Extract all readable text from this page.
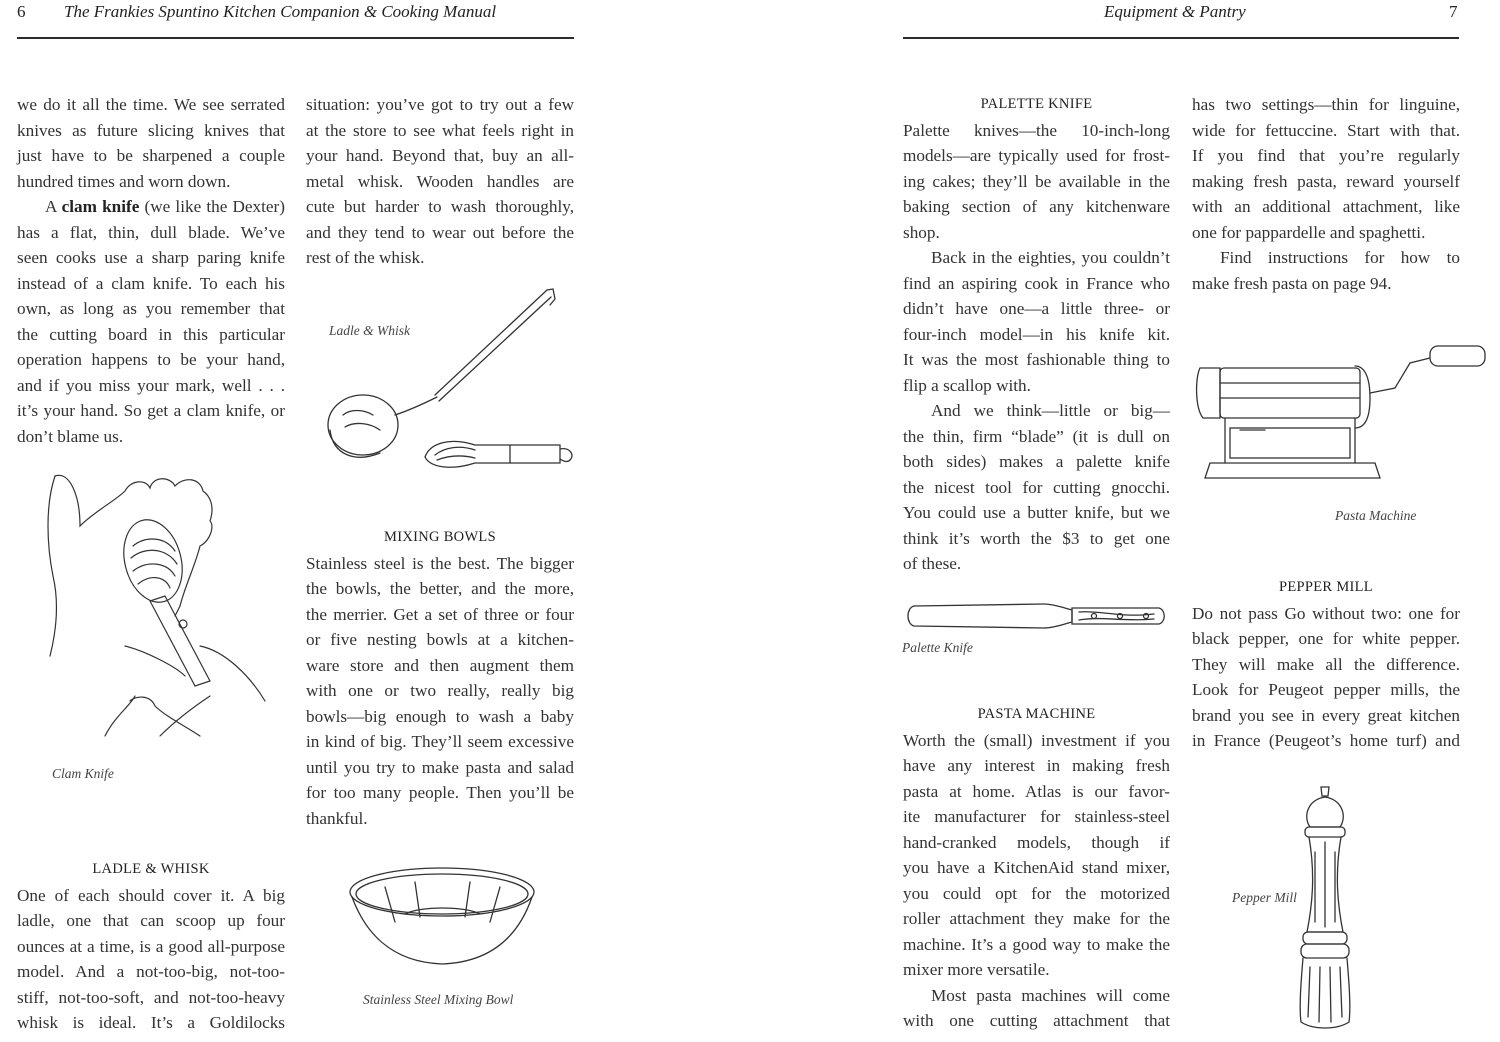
6 The Frankies Spuntino Kitchen Companion & Cooking Manual
we do it all the time. We see serrated
knives as future slicing knives that
just have to be sharpened a couple
hundred times and worn down.
A clam knife (we like the Dexter)
has a flat, thin, dull blade. We’ve
seen cooks use a sharp paring knife
instead of a clam knife. To each his
own, as long as you remember that
the cutting board in this particular
operation happens to be your hand,
and if you miss your mark, well . . .
it’s your hand. So get a clam knife, or
don’t blame us.
Clam Knife
LADLE & WHISK
One of each should cover it. A big
ladle, one that can scoop up four
ounces at a time, is a good all-purpose
model. And a not-too-big, not-too-
stiff, not-too-soft, and not-too-heavy
whisk is ideal. It’s a Goldilocks
situation: you’ve got to try out a few
at the store to see what feels right in
your hand. Beyond that, buy an all-
metal whisk. Wooden handles are
cute but harder to wash thoroughly,
and they tend to wear out before the
rest of the whisk.
Ladle & Whisk
MIXING BOWLS
Stainless steel is the best. The bigger
the bowls, the better, and the more,
the merrier. Get a set of three or four
or five nesting bowls at a kitchen-
ware store and then augment them
with one or two really, really big
bowls—big enough to wash a baby
in kind of big. They’ll seem excessive
until you try to make pasta and salad
for too many people. Then you’ll be
thankful.
Stainless Steel Mixing Bowl
Equipment & Pantry	7
PALETTE KNIFE
Palette knives—the 10-inch-long
models—are typically used for frost-
ing cakes; they’ll be available in the
baking section of any kitchenware
shop.
Back in the eighties, you couldn’t
find an aspiring cook in France who
didn’t have one—a little three- or
four-inch model—in his knife kit.
It was the most fashionable thing to
flip a scallop with.
And we think—little or big—
the thin, firm “blade” (it is dull on
both sides) makes a palette knife
the nicest tool for cutting gnocchi.
You could use a butter knife, but we
think it’s worth the $3 to get one
of these.
Palette Knife
PASTA MACHINE
Worth the (small) investment if you
have any interest in making fresh
pasta at home. Atlas is our favor-
ite manufacturer for stainless-steel
hand-cranked models, though if
you have a KitchenAid stand mixer,
you could opt for the motorized
roller attachment they make for the
machine. It’s a good way to make the
mixer more versatile.
Most pasta machines will come
with one cutting attachment that
has two settings—thin for linguine,
wide for fettuccine. Start with that.
If you find that you’re regularly
making fresh pasta, reward yourself
with an additional attachment, like
one for pappardelle and spaghetti.
Find instructions for how to
make fresh pasta on page 94.
Pasta Machine
PEPPER MILL
Do not pass Go without two: one for
black pepper, one for white pepper.
They will make all the difference.
Look for Peugeot pepper mills, the
brand you see in every great kitchen
in France (Peugeot’s home turf) and
Pepper Mill
